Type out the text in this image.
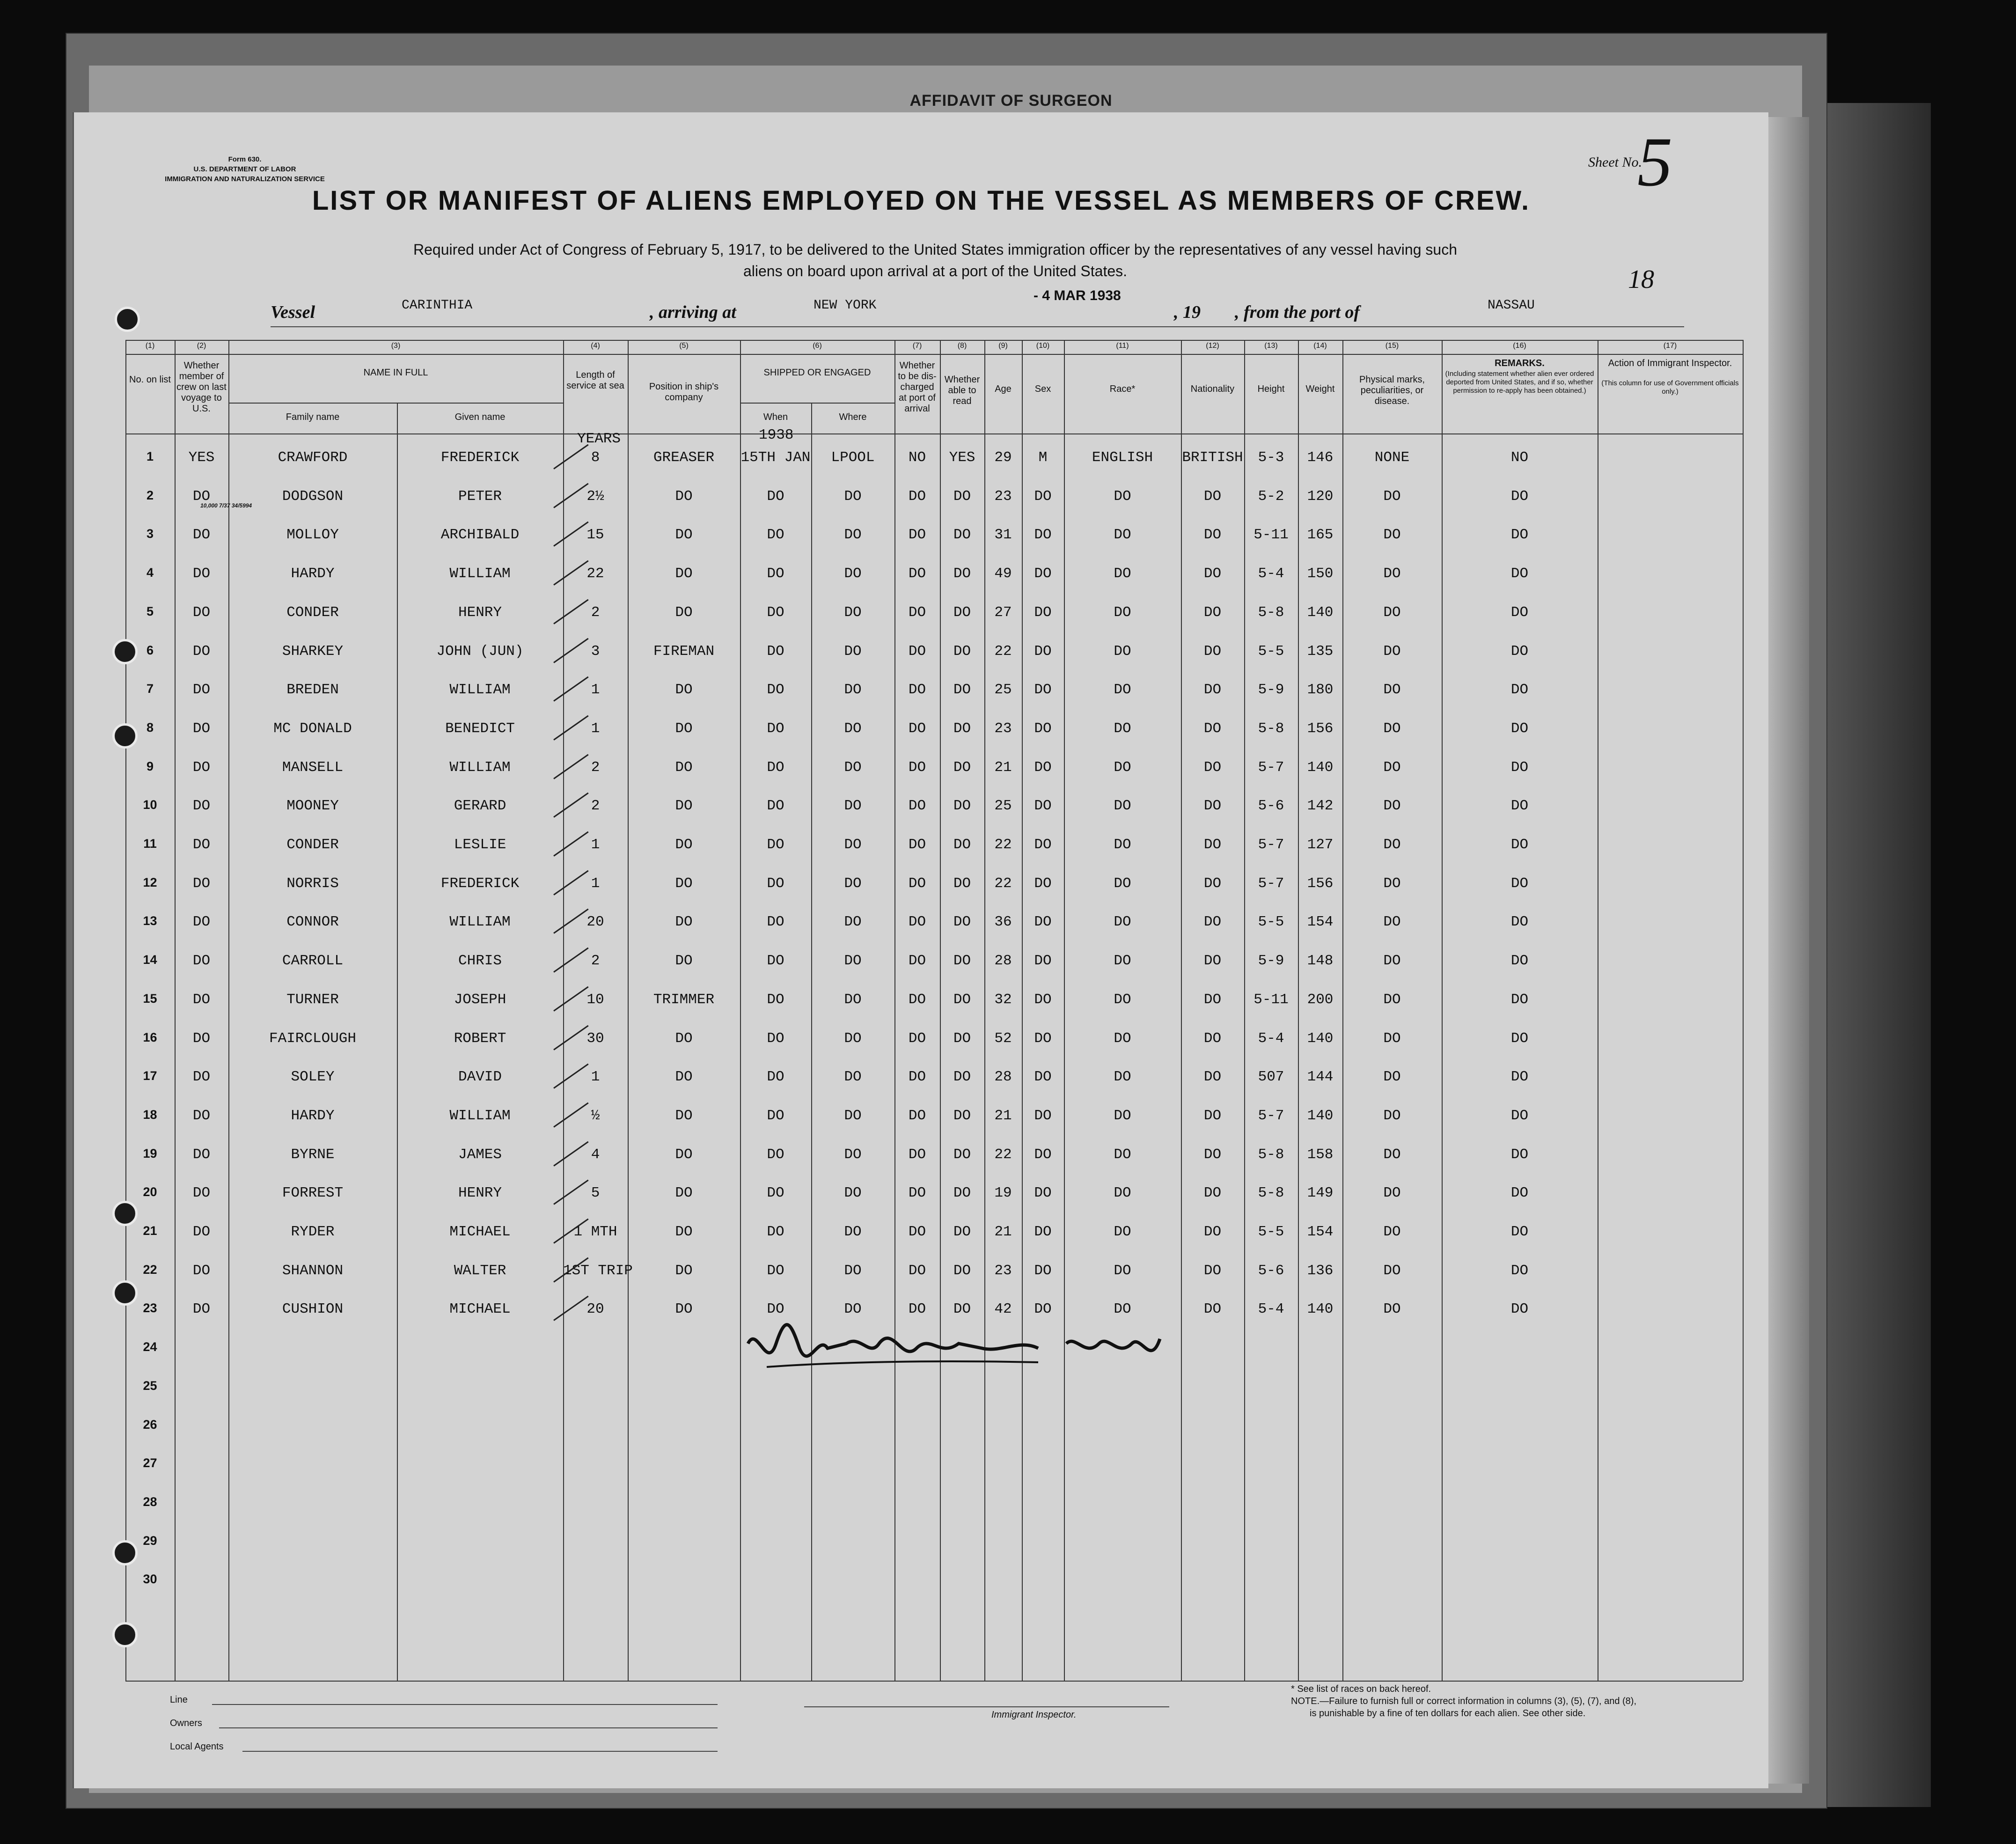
AFFIDAVIT OF SURGEON
Form 630.
U.S. DEPARTMENT OF LABOR
IMMIGRATION AND NATURALIZATION SERVICE
Sheet No.
5
LIST OR MANIFEST OF ALIENS EMPLOYED ON THE VESSEL AS MEMBERS OF CREW.
Required under Act of Congress of February 5, 1917, to be delivered to the United States immigration officer by the representatives of any vessel having such
aliens on board upon arrival at a port of the United States.	18
Vessel	CARINTHIA	, arriving at	NEW YORK
- 4 MAR 1938
, 19 , from the port of	NASSAU
10,000 7/37 34/5994
(1)	(2)	(3)	(4)	(5)	(6)	(7)	(8)	(9)	(10)	(11)	(12)	(13)	(14)	(15)	(16)	(17)
No. on list
Whether member of crew on last voyage to U.S.
NAME IN FULL
Family name	Given name
Length of service at sea	Position in ship's company
SHIPPED OR ENGAGED
When	Where
Whether to be dis-charged at port of arrival
Whether able to read
Age	Sex	Race*	Nationality	Height	Weight
Physical marks, peculiarities, or disease.
REMARKS.
(Including statement whether alien ever ordered deported from United States, and if so, whether permission to re-apply has been obtained.)
Action of Immigrant Inspector.
(This column for use of Government officials only.)
YEARS	1938
1	YES	CRAWFORD	FREDERICK	8	GREASER	15TH JAN	LPOOL	NO	YES	29	M	ENGLISH	BRITISH	5-3	146	NONE	NO
2	DO	DODGSON	PETER	2½	DO	DO	DO	DO	DO	23	DO	DO	DO	5-2	120	DO	DO
3	DO	MOLLOY	ARCHIBALD	15	DO	DO	DO	DO	DO	31	DO	DO	DO	5-11	165	DO	DO
4	DO	HARDY	WILLIAM	22	DO	DO	DO	DO	DO	49	DO	DO	DO	5-4	150	DO	DO
5	DO	CONDER	HENRY	2	DO	DO	DO	DO	DO	27	DO	DO	DO	5-8	140	DO	DO
6	DO	SHARKEY	JOHN (JUN)	3	FIREMAN	DO	DO	DO	DO	22	DO	DO	DO	5-5	135	DO	DO
7	DO	BREDEN	WILLIAM	1	DO	DO	DO	DO	DO	25	DO	DO	DO	5-9	180	DO	DO
8	DO	MC DONALD	BENEDICT	1	DO	DO	DO	DO	DO	23	DO	DO	DO	5-8	156	DO	DO
9	DO	MANSELL	WILLIAM	2	DO	DO	DO	DO	DO	21	DO	DO	DO	5-7	140	DO	DO
10	DO	MOONEY	GERARD	2	DO	DO	DO	DO	DO	25	DO	DO	DO	5-6	142	DO	DO
11	DO	CONDER	LESLIE	1	DO	DO	DO	DO	DO	22	DO	DO	DO	5-7	127	DO	DO
12	DO	NORRIS	FREDERICK	1	DO	DO	DO	DO	DO	22	DO	DO	DO	5-7	156	DO	DO
13	DO	CONNOR	WILLIAM	20	DO	DO	DO	DO	DO	36	DO	DO	DO	5-5	154	DO	DO
14	DO	CARROLL	CHRIS	2	DO	DO	DO	DO	DO	28	DO	DO	DO	5-9	148	DO	DO
15	DO	TURNER	JOSEPH	10	TRIMMER	DO	DO	DO	DO	32	DO	DO	DO	5-11	200	DO	DO
16	DO	FAIRCLOUGH	ROBERT	30	DO	DO	DO	DO	DO	52	DO	DO	DO	5-4	140	DO	DO
17	DO	SOLEY	DAVID	1	DO	DO	DO	DO	DO	28	DO	DO	DO	507	144	DO	DO
18	DO	HARDY	WILLIAM	½	DO	DO	DO	DO	DO	21	DO	DO	DO	5-7	140	DO	DO
19	DO	BYRNE	JAMES	4	DO	DO	DO	DO	DO	22	DO	DO	DO	5-8	158	DO	DO
20	DO	FORREST	HENRY	5	DO	DO	DO	DO	DO	19	DO	DO	DO	5-8	149	DO	DO
21	DO	RYDER	MICHAEL	1 MTH	DO	DO	DO	DO	DO	21	DO	DO	DO	5-5	154	DO	DO
22	DO	SHANNON	WALTER	1ST TRIP	DO	DO	DO	DO	DO	23	DO	DO	DO	5-6	136	DO	DO
23	DO	CUSHION	MICHAEL	20	DO	DO	DO	DO	DO	42	DO	DO	DO	5-4	140	DO	DO
24
25
26
27
28
29
30
Line
Owners
Local Agents
Immigrant Inspector.
* See list of races on back hereof.
NOTE.—Failure to furnish full or correct information in columns (3), (5), (7), and (8),
is punishable by a fine of ten dollars for each alien. See other side.
